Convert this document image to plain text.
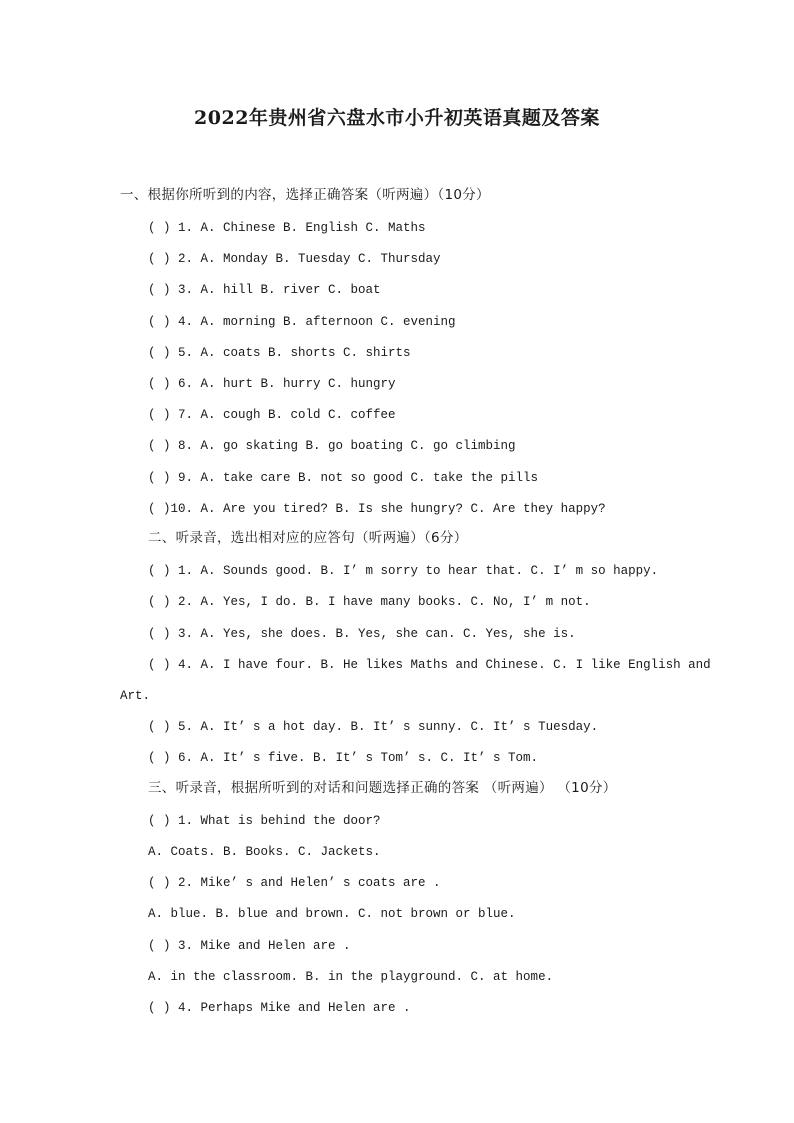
2022年贵州省六盘水市小升初英语真题及答案
一、根据你所听到的内容，选择正确答案（听两遍）（10分）
( ) 1. A. Chinese B. English C. Maths
( ) 2. A. Monday B. Tuesday C. Thursday
( ) 3. A. hill B. river C. boat
( ) 4. A. morning B. afternoon C. evening
( ) 5. A. coats B. shorts C. shirts
( ) 6. A. hurt B. hurry C. hungry
( ) 7. A. cough B. cold C. coffee
( ) 8. A. go skating B. go boating C. go climbing
( ) 9. A. take care B. not so good C. take the pills
( )10. A. Are you tired? B. Is she hungry? C. Are they happy?
二、听录音，选出相对应的应答句（听两遍）（6分）
( ) 1. A. Sounds good. B. I’ m sorry to hear that. C. I’ m so happy.
( ) 2. A. Yes, I do. B. I have many books. C. No, I’ m not.
( ) 3. A. Yes, she does. B. Yes, she can. C. Yes, she is.
( ) 4. A. I have four. B. He likes Maths and Chinese. C. I like English and
Art.
( ) 5. A. It’ s a hot day. B. It’ s sunny. C. It’ s Tuesday.
( ) 6. A. It’ s five. B. It’ s Tom’ s. C. It’ s Tom.
三、听录音，根据所听到的对话和问题选择正确的答案 （听两遍） （10分）
( ) 1. What is behind the door?
A. Coats. B. Books. C. Jackets.
( ) 2. Mike’ s and Helen’ s coats are .
A. blue. B. blue and brown. C. not brown or blue.
( ) 3. Mike and Helen are .
A. in the classroom. B. in the playground. C. at home.
( ) 4. Perhaps Mike and Helen are .
